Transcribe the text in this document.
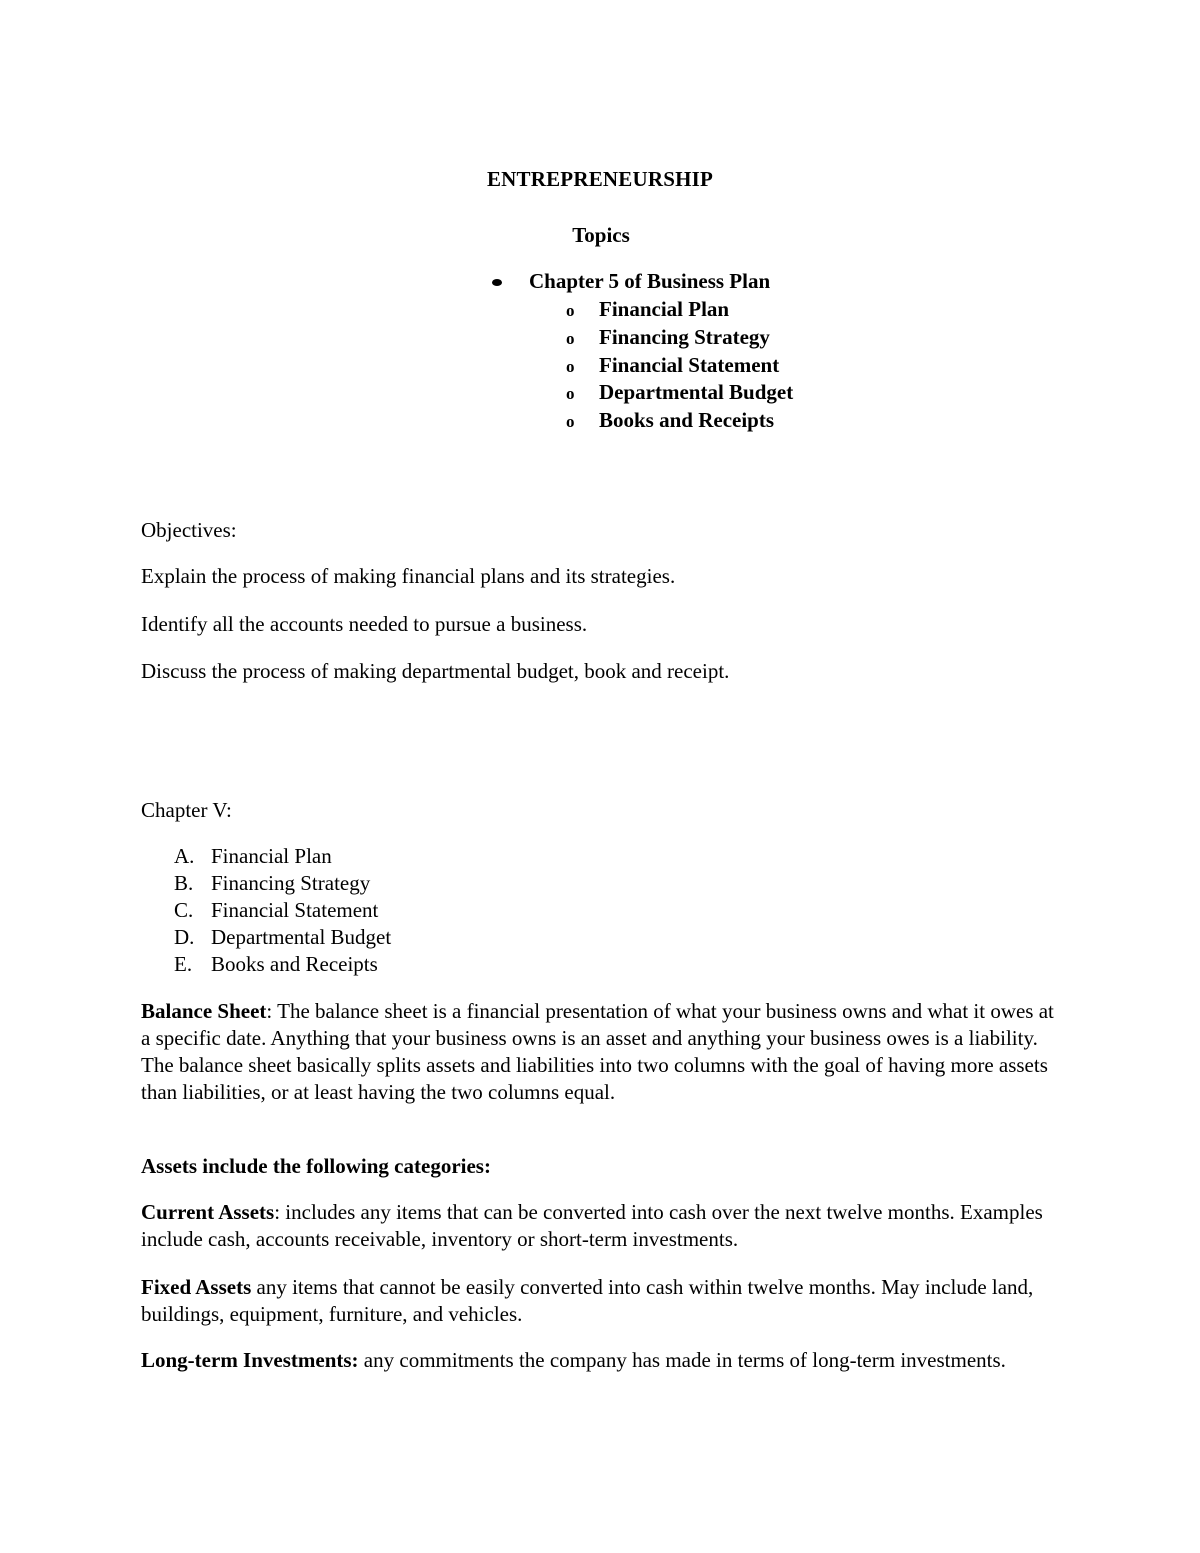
ENTREPRENEURSHIP
Topics
Chapter 5 of Business Plan
o Financial Plan
o Financing Strategy
o Financial Statement
o Departmental Budget
o Books and Receipts
Objectives:
Explain the process of making financial plans and its strategies.
Identify all the accounts needed to pursue a business.
Discuss the process of making departmental budget, book and receipt.
Chapter V:
A. Financial Plan
B. Financing Strategy
C. Financial Statement
D. Departmental Budget
E. Books and Receipts
Balance Sheet: The balance sheet is a financial presentation of what your business owns and what it owes at a specific date. Anything that your business owns is an asset and anything your business owes is a liability. The balance sheet basically splits assets and liabilities into two columns with the goal of having more assets than liabilities, or at least having the two columns equal.
Assets include the following categories:
Current Assets: includes any items that can be converted into cash over the next twelve months. Examples include cash, accounts receivable, inventory or short-term investments.
Fixed Assets any items that cannot be easily converted into cash within twelve months. May include land, buildings, equipment, furniture, and vehicles.
Long-term Investments: any commitments the company has made in terms of long-term investments.
